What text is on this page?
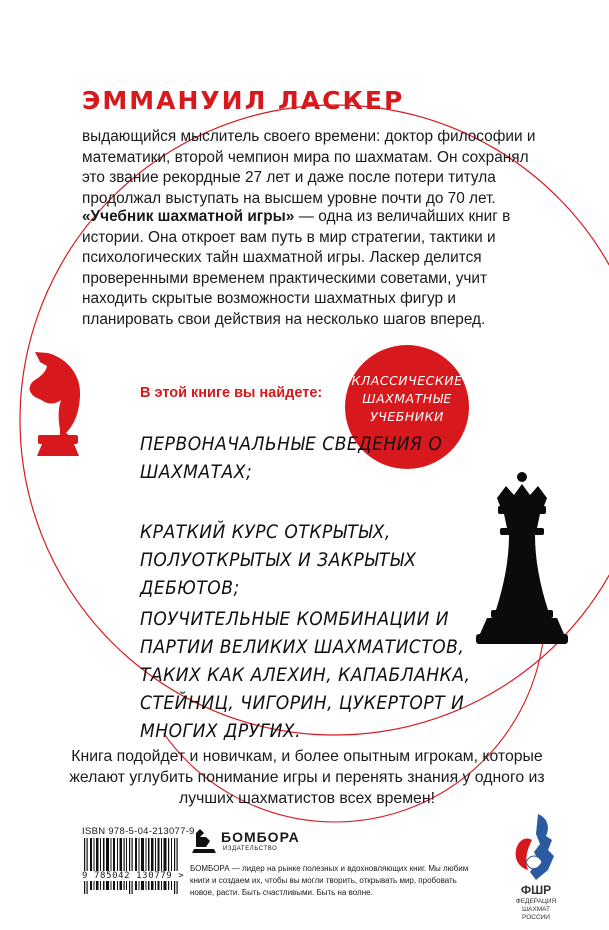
ЭММАНУИЛ ЛАСКЕР
выдающийся мыслитель своего времени: доктор философии и математики, второй чемпион мира по шахматам. Он сохранял это звание рекордные 27 лет и даже после потери титула продолжал выступать на высшем уровне почти до 70 лет.
«Учебник шахматной игры» — одна из величайших книг в истории. Она откроет вам путь в мир стратегии, тактики и психологических тайн шахматной игры. Ласкер делится проверенными временем практическими советами, учит находить скрытые возможности шахматных фигур и планировать свои действия на несколько шагов вперед.
КЛАССИЧЕСКИЕ
ШАХМАТНЫЕ
УЧЕБНИКИ
В этой книге вы найдете:
ПЕРВОНАЧАЛЬНЫЕ СВЕДЕНИЯ О ШАХМАТАХ;
КРАТКИЙ КУРС ОТКРЫТЫХ, ПОЛУОТКРЫТЫХ И ЗАКРЫТЫХ ДЕБЮТОВ;
ПОУЧИТЕЛЬНЫЕ КОМБИНАЦИИ И ПАРТИИ ВЕЛИКИХ ШАХМАТИСТОВ, ТАКИХ КАК АЛЕХИН, КАПАБЛАНКА, СТЕЙНИЦ, ЧИГОРИН, ЦУКЕРТОРТ И МНОГИХ ДРУГИХ.
Книга подойдет и новичкам, и более опытным игрокам, которые желают углубить понимание игры и перенять знания у одного из лучших шахматистов всех времен!
ISBN 978-5-04-213077-9
9 785042 130779 >
БОМБОРА
ИЗДАТЕЛЬСТВО
БОМБОРА — лидер на рынке полезных и вдохновляющих книг. Мы любим книги и создаем их, чтобы вы могли творить, открывать мир, пробовать новое, расти. Быть счастливыми. Быть на волне.	ФШР
ФЕДЕРАЦИЯ
ШАХМАТ
РОССИИ
